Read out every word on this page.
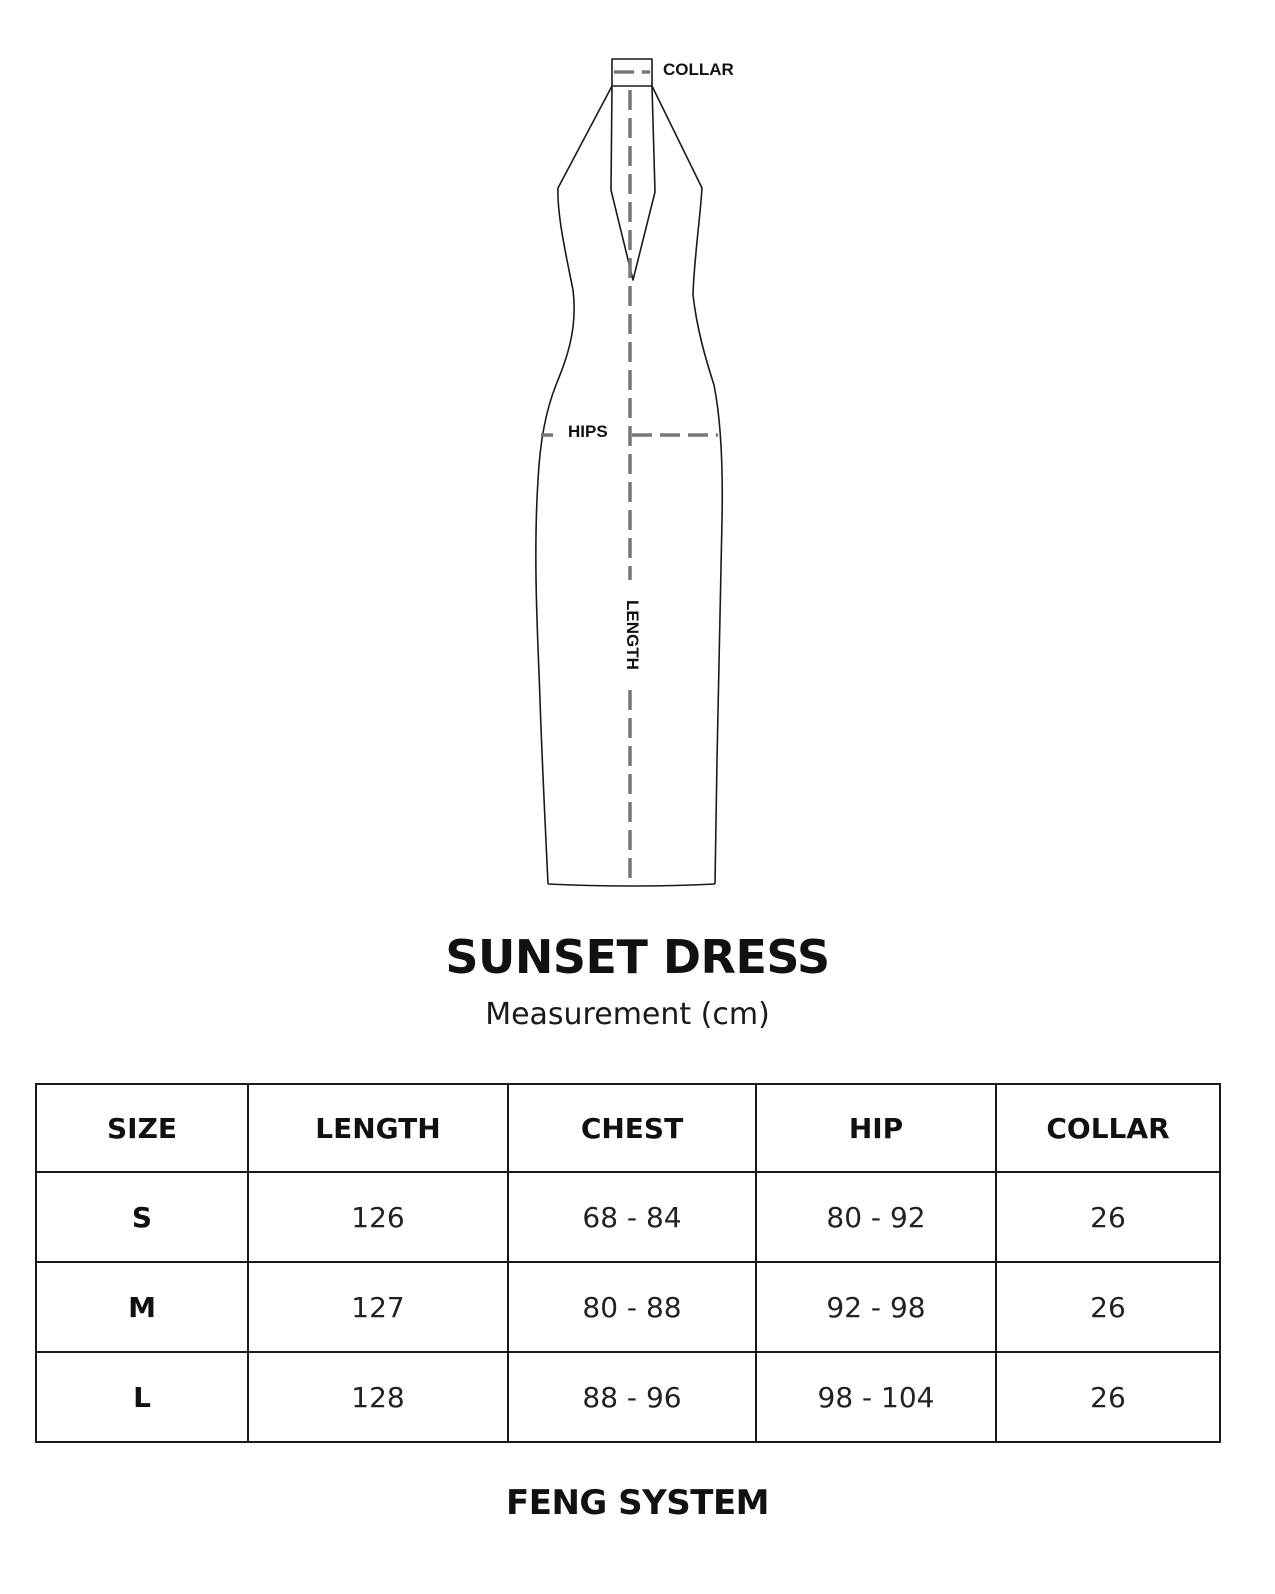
COLLAR
HIPS
LENGTH
SUNSET DRESS
Measurement (cm)
SIZE	LENGTH	CHEST	HIP	COLLAR
S	126	68 - 84	80 - 92	26
M	127	80 - 88	92 - 98	26
L	128	88 - 96	98 - 104	26
FENG SYSTEM
